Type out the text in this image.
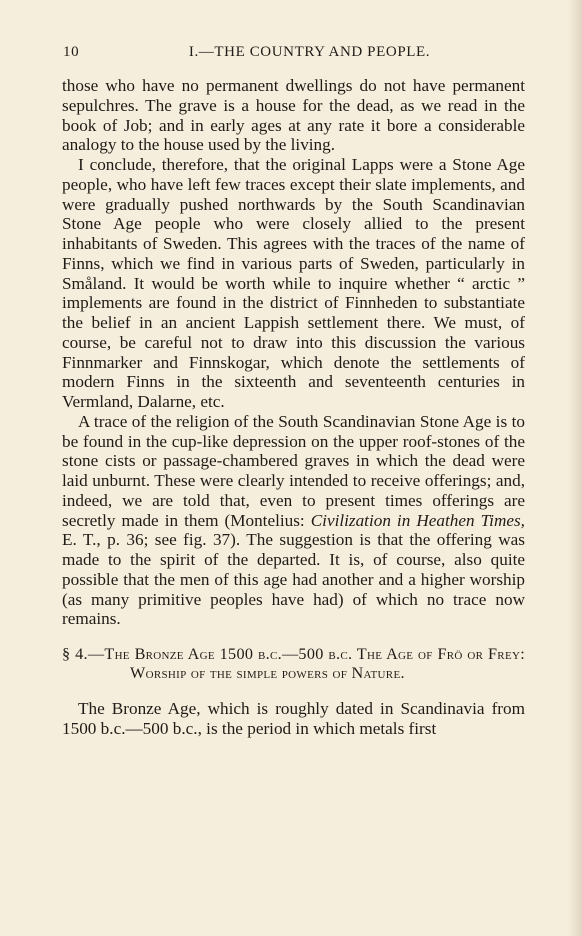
10	I.—THE COUNTRY AND PEOPLE.

those who have no permanent dwellings do not have permanent sepulchres. The grave is a house for the dead, as we read in the book of Job; and in early ages at any rate it bore a considerable analogy to the house used by the living.

I conclude, therefore, that the original Lapps were a Stone Age people, who have left few traces except their slate implements, and were gradually pushed northwards by the South Scandinavian Stone Age people who were closely allied to the present inhabitants of Sweden. This agrees with the traces of the name of Finns, which we find in various parts of Sweden, particularly in Småland. It would be worth while to inquire whether “ arctic ” implements are found in the district of Finnheden to substantiate the belief in an ancient Lappish settlement there. We must, of course, be careful not to draw into this discussion the various Finnmarker and Finnskogar, which denote the settlements of modern Finns in the sixteenth and seventeenth centuries in Vermland, Dalarne, etc.

A trace of the religion of the South Scandinavian Stone Age is to be found in the cup-like depression on the upper roof-stones of the stone cists or passage-chambered graves in which the dead were laid unburnt. These were clearly intended to receive offerings; and, indeed, we are told that, even to present times offerings are secretly made in them (Montelius: Civilization in Heathen Times, E. T., p. 36; see fig. 37). The suggestion is that the offering was made to the spirit of the departed. It is, of course, also quite possible that the men of this age had another and a higher worship (as many primitive peoples have had) of which no trace now remains.

§ 4.—The Bronze Age 1500 b.c.—500 b.c. The Age of Frö or Frey: Worship of the simple powers of Nature.

The Bronze Age, which is roughly dated in Scandinavia from 1500 b.c.—500 b.c., is the period in which metals first
